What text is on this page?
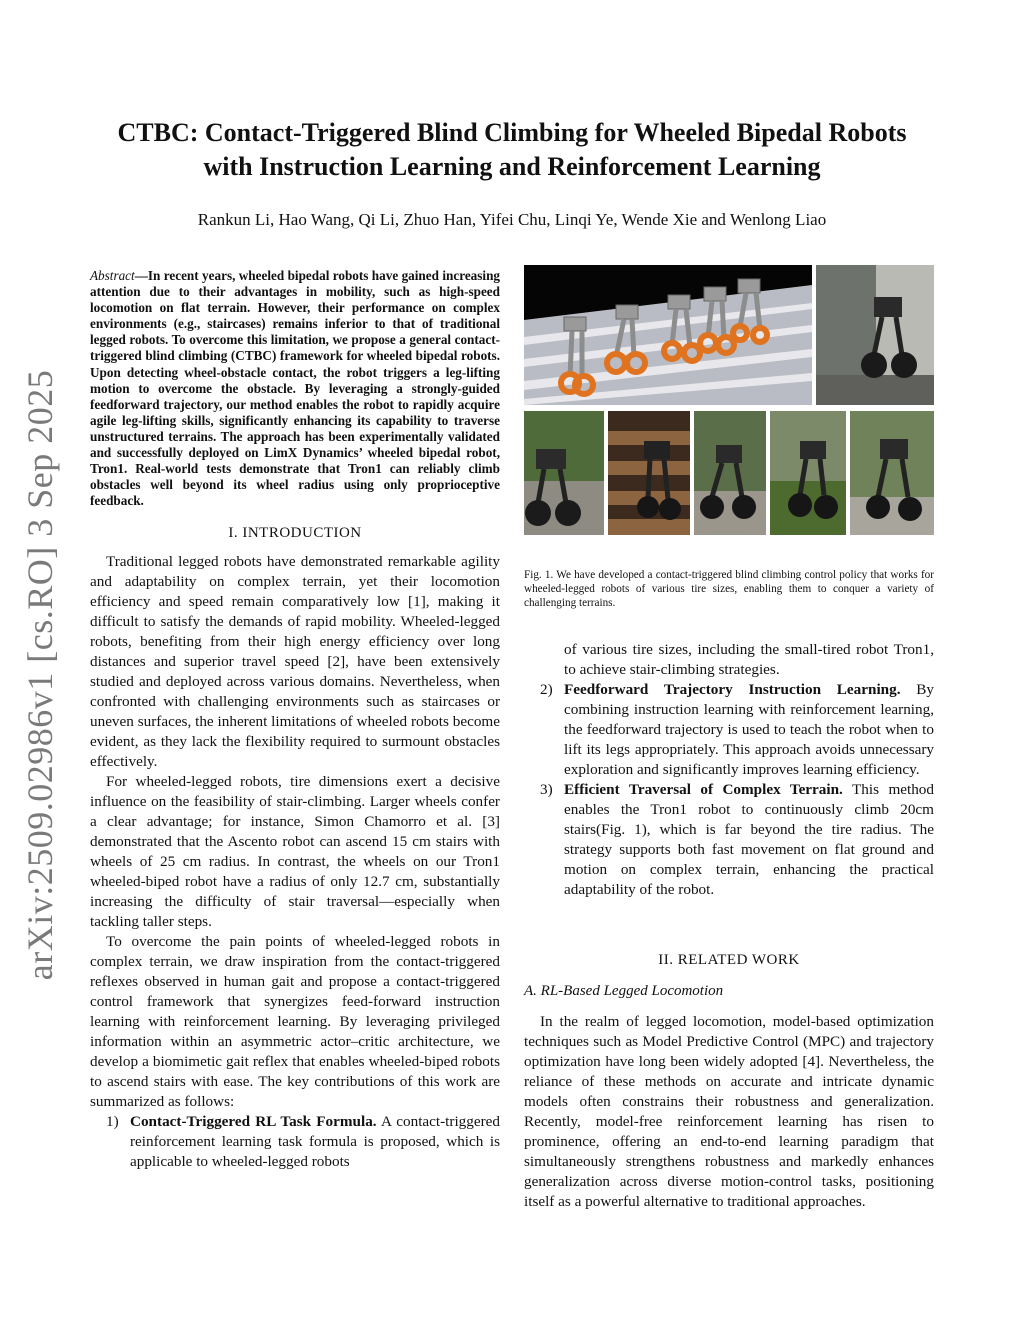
arXiv:2509.02986v1 [cs.RO] 3 Sep 2025
CTBC: Contact-Triggered Blind Climbing for Wheeled Bipedal Robots
with Instruction Learning and Reinforcement Learning
Rankun Li, Hao Wang, Qi Li, Zhuo Han, Yifei Chu, Linqi Ye, Wende Xie and Wenlong Liao

Abstract—In recent years, wheeled bipedal robots have gained increasing attention due to their advantages in mobility, such as high-speed locomotion on flat terrain. However, their performance on complex environments (e.g., staircases) remains inferior to that of traditional legged robots. To overcome this limitation, we propose a general contact-triggered blind climbing (CTBC) framework for wheeled bipedal robots. Upon detecting wheel-obstacle contact, the robot triggers a leg-lifting motion to overcome the obstacle. By leveraging a strongly-guided feedforward trajectory, our method enables the robot to rapidly acquire agile leg-lifting skills, significantly enhancing its capability to traverse unstructured terrains. The approach has been experimentally validated and successfully deployed on LimX Dynamics’ wheeled bipedal robot, Tron1. Real-world tests demonstrate that Tron1 can reliably climb obstacles well beyond its wheel radius using only proprioceptive feedback.

I. INTRODUCTION

Traditional legged robots have demonstrated remarkable agility and adaptability on complex terrain, yet their locomotion efficiency and speed remain comparatively low [1], making it difficult to satisfy the demands of rapid mobility. Wheeled-legged robots, benefiting from their high energy efficiency over long distances and superior travel speed [2], have been extensively studied and deployed across various domains. Nevertheless, when confronted with challenging environments such as staircases or uneven surfaces, the inherent limitations of wheeled robots become evident, as they lack the flexibility required to surmount obstacles effectively.

For wheeled-legged robots, tire dimensions exert a decisive influence on the feasibility of stair-climbing. Larger wheels confer a clear advantage; for instance, Simon Chamorro et al. [3] demonstrated that the Ascento robot can ascend 15 cm stairs with wheels of 25 cm radius. In contrast, the wheels on our Tron1 wheeled-biped robot have a radius of only 12.7 cm, substantially increasing the difficulty of stair traversal—especially when tackling taller steps.

To overcome the pain points of wheeled-legged robots in complex terrain, we draw inspiration from the contact-triggered reflexes observed in human gait and propose a contact-triggered control framework that synergizes feed-forward instruction learning with reinforcement learning. By leveraging privileged information within an asymmetric actor–critic architecture, we develop a biomimetic gait reflex that enables wheeled-biped robots to ascend stairs with ease. The key contributions of this work are summarized as follows:

1) Contact-Triggered RL Task Formula. A contact-triggered reinforcement learning task formula is proposed, which is applicable to wheeled-legged robots
Fig. 1. We have developed a contact-triggered blind climbing control policy that works for wheeled-legged robots of various tire sizes, enabling them to conquer a variety of challenging terrains.

of various tire sizes, including the small-tired robot Tron1, to achieve stair-climbing strategies.

2) Feedforward Trajectory Instruction Learning. By combining instruction learning with reinforcement learning, the feedforward trajectory is used to teach the robot when to lift its legs appropriately. This approach avoids unnecessary exploration and significantly improves learning efficiency.
3) Efficient Traversal of Complex Terrain. This method enables the Tron1 robot to continuously climb 20cm stairs(Fig. 1), which is far beyond the tire radius. The strategy supports both fast movement on flat ground and motion on complex terrain, enhancing the practical adaptability of the robot.
II. RELATED WORK
A. RL-Based Legged Locomotion

In the realm of legged locomotion, model-based optimization techniques such as Model Predictive Control (MPC) and trajectory optimization have long been widely adopted [4]. Nevertheless, the reliance of these methods on accurate and intricate dynamic models often constrains their robustness and generalization. Recently, model-free reinforcement learning has risen to prominence, offering an end-to-end learning paradigm that simultaneously strengthens robustness and markedly enhances generalization across diverse motion-control tasks, positioning itself as a powerful alternative to traditional approaches.
